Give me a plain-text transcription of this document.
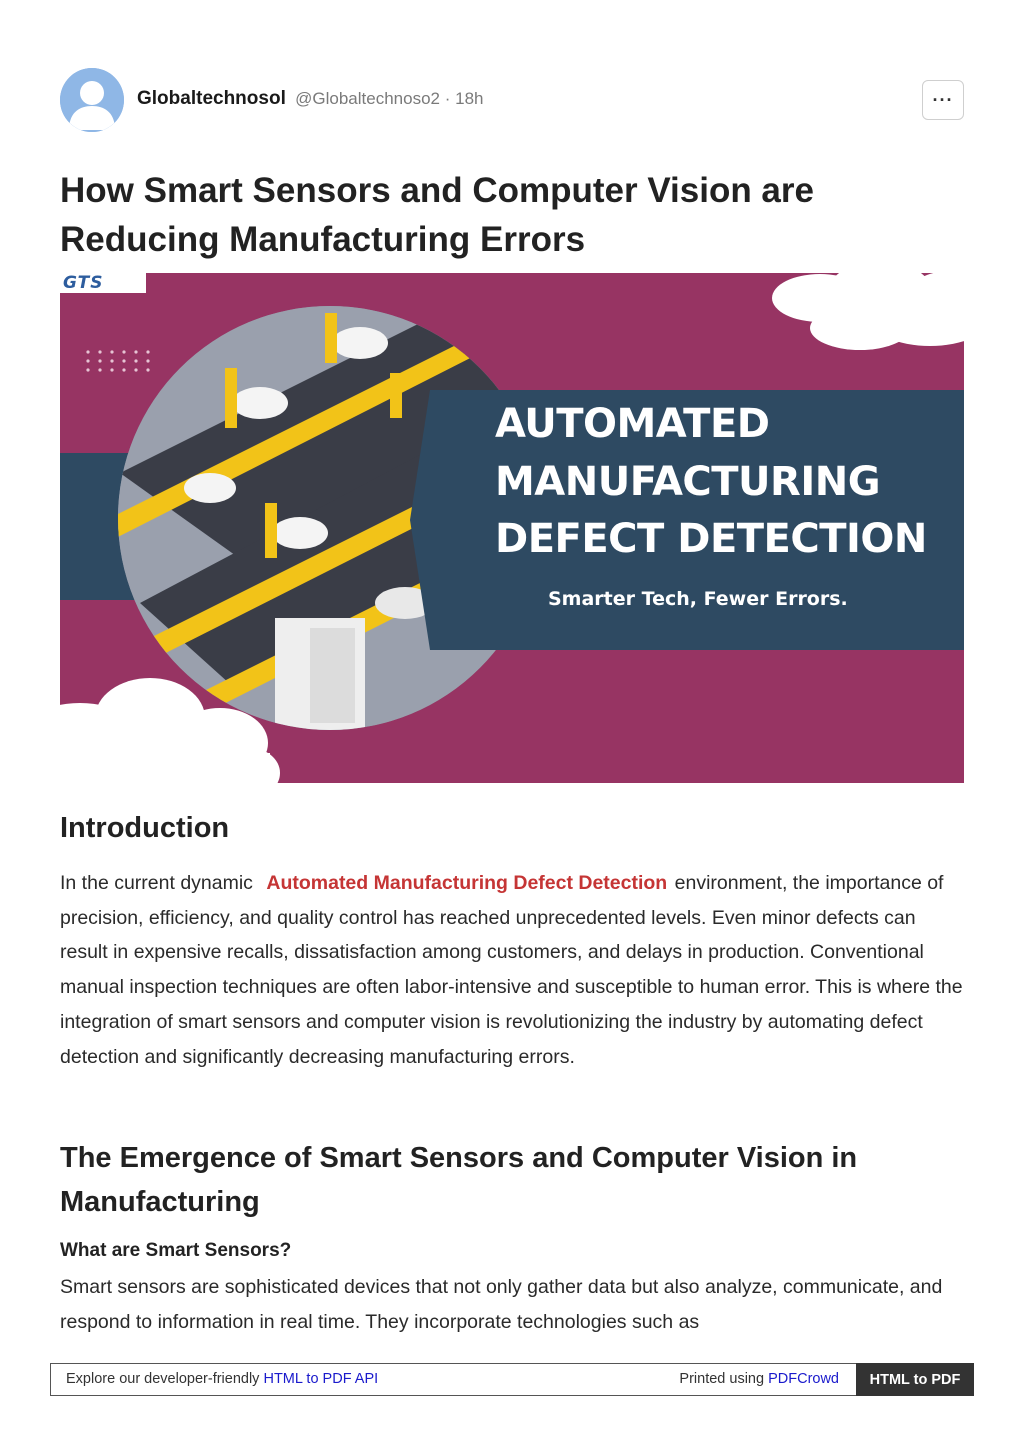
Globaltechnosol @Globaltechnoso2 · 18h	···
How Smart Sensors and Computer Vision are Reducing Manufacturing Errors
GTS
AUTOMATED
MANUFACTURING
DEFECT DETECTION
Smarter Tech, Fewer Errors.
Introduction

In the current dynamic Automated Manufacturing Defect Detection environment, the importance of precision, efficiency, and quality control has reached unprecedented levels. Even minor defects can result in expensive recalls, dissatisfaction among customers, and delays in production. Conventional manual inspection techniques are often labor-intensive and susceptible to human error. This is where the integration of smart sensors and computer vision is revolutionizing the industry by automating defect detection and significantly decreasing manufacturing errors.

The Emergence of Smart Sensors and Computer Vision in Manufacturing
What are Smart Sensors?

Smart sensors are sophisticated devices that not only gather data but also analyze, communicate, and respond to information in real time. They incorporate technologies such as

Explore our developer-friendly HTML to PDF API	Printed using PDFCrowd	HTML to PDF
